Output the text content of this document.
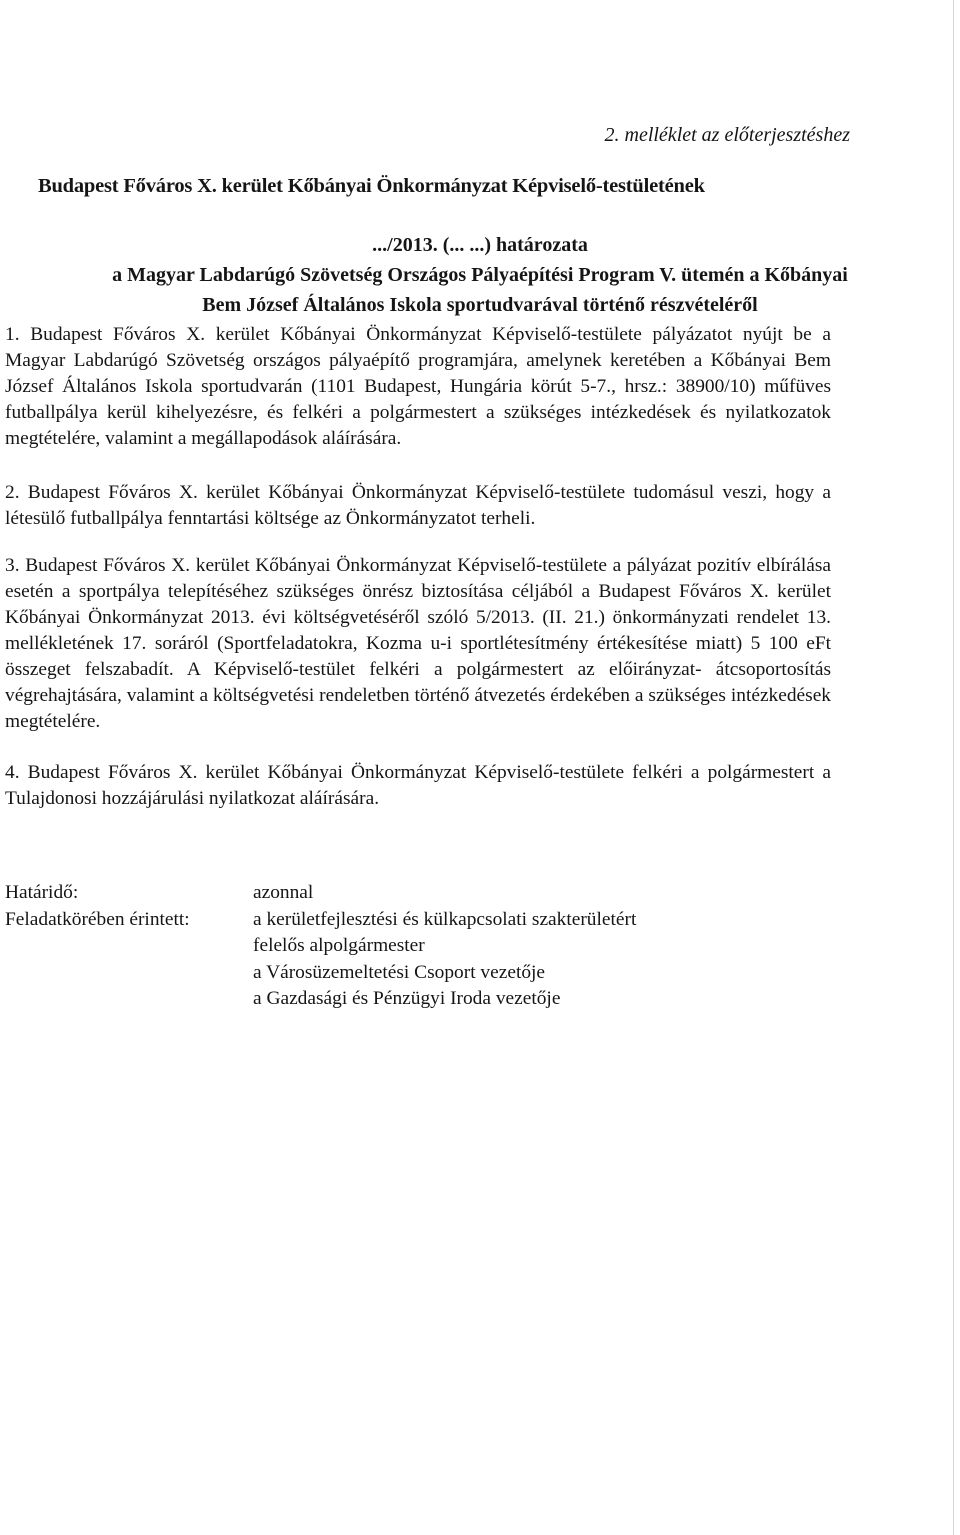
2. melléklet az előterjesztéshez
Budapest Főváros X. kerület Kőbányai Önkormányzat Képviselő-testületének
.../2013. (... ...) határozata
a Magyar Labdarúgó Szövetség Országos Pályaépítési Program V. ütemén a Kőbányai
Bem József Általános Iskola sportudvarával történő részvételéről

1. Budapest Főváros X. kerület Kőbányai Önkormányzat Képviselő-testülete pályázatot nyújt be a Magyar Labdarúgó Szövetség országos pályaépítő programjára, amelynek keretében a Kőbányai Bem József Általános Iskola sportudvarán (1101 Budapest, Hungária körút 5-7., hrsz.: 38900/10) műfüves futballpálya kerül kihelyezésre, és felkéri a polgármestert a szükséges intézkedések és nyilatkozatok megtételére, valamint a megállapodások aláírására.

2. Budapest Főváros X. kerület Kőbányai Önkormányzat Képviselő-testülete tudomásul veszi, hogy a létesülő futballpálya fenntartási költsége az Önkormányzatot terheli.

3. Budapest Főváros X. kerület Kőbányai Önkormányzat Képviselő-testülete a pályázat pozitív elbírálása esetén a sportpálya telepítéséhez szükséges önrész biztosítása céljából a Budapest Főváros X. kerület Kőbányai Önkormányzat 2013. évi költségvetéséről szóló 5/2013. (II. 21.) önkormányzati rendelet 13. mellékletének 17. soráról (Sportfeladatokra, Kozma u-i sportlétesítmény értékesítése miatt) 5 100 eFt összeget felszabadít. A Képviselő-testület felkéri a polgármestert az előirányzat- átcsoportosítás végrehajtására, valamint a költségvetési rendeletben történő átvezetés érdekében a szükséges intézkedések megtételére.

4. Budapest Főváros X. kerület Kőbányai Önkormányzat Képviselő-testülete felkéri a polgármestert a Tulajdonosi hozzájárulási nyilatkozat aláírására.

Határidő:	azonnal
Feladatkörében érintett:	a kerületfejlesztési és külkapcsolati szakterületért
felelős alpolgármester
a Városüzemeltetési Csoport vezetője
a Gazdasági és Pénzügyi Iroda vezetője
